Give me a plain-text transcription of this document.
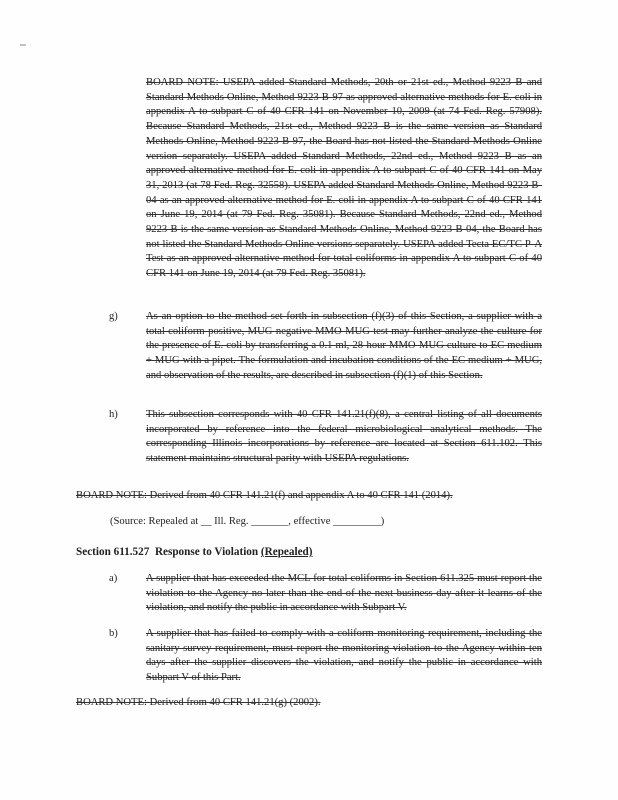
BOARD NOTE: USEPA added Standard Methods, 20th or 21st ed., Method 9223 B and Standard Methods Online, Method 9223 B-97 as approved alternative methods for E. coli in appendix A to subpart C of 40 CFR 141 on November 10, 2009 (at 74 Fed. Reg. 57908). Because Standard Methods, 21st ed., Method 9223 B is the same version as Standard Methods Online, Method 9223 B-97, the Board has not listed the Standard Methods Online version separately. USEPA added Standard Methods, 22nd ed., Method 9223 B as an approved alternative method for E. coli in appendix A to subpart C of 40 CFR 141 on May 31, 2013 (at 78 Fed. Reg. 32558). USEPA added Standard Methods Online, Method 9223 B-04 as an approved alternative method for E. coli in appendix A to subpart C of 40 CFR 141 on June 19, 2014 (at 79 Fed. Reg. 35081). Because Standard Methods, 22nd ed., Method 9223 B is the same version as Standard Methods Online, Method 9223 B-04, the Board has not listed the Standard Methods Online versions separately. USEPA added Tecta EC/TC P-A Test as an approved alternative method for total coliforms in appendix A to subpart C of 40 CFR 141 on June 19, 2014 (at 79 Fed. Reg. 35081).
g)	As an option to the method set forth in subsection (f)(3) of this Section, a supplier with a total coliform-positive, MUG-negative MMO-MUG test may further analyze the culture for the presence of E. coli by transferring a 0.1 ml, 28-hour MMO-MUG culture to EC medium + MUG with a pipet. The formulation and incubation conditions of the EC medium + MUG, and observation of the results, are described in subsection (f)(1) of this Section.
h)	This subsection corresponds with 40 CFR 141.21(f)(8), a central listing of all documents incorporated by reference into the federal microbiological analytical methods. The corresponding Illinois incorporations by reference are located at Section 611.102. This statement maintains structural parity with USEPA regulations.
BOARD NOTE: Derived from 40 CFR 141.21(f) and appendix A to 40 CFR 141 (2014).
(Source: Repealed at __ Ill. Reg. _______, effective _________)
Section 611.527 Response to Violation (Repealed)
a)	A supplier that has exceeded the MCL for total coliforms in Section 611.325 must report the violation to the Agency no later than the end of the next business day after it learns of the violation, and notify the public in accordance with Subpart V.
b)	A supplier that has failed to comply with a coliform monitoring requirement, including the sanitary survey requirement, must report the monitoring violation to the Agency within ten days after the supplier discovers the violation, and notify the public in accordance with Subpart V of this Part.
BOARD NOTE: Derived from 40 CFR 141.21(g) (2002).
